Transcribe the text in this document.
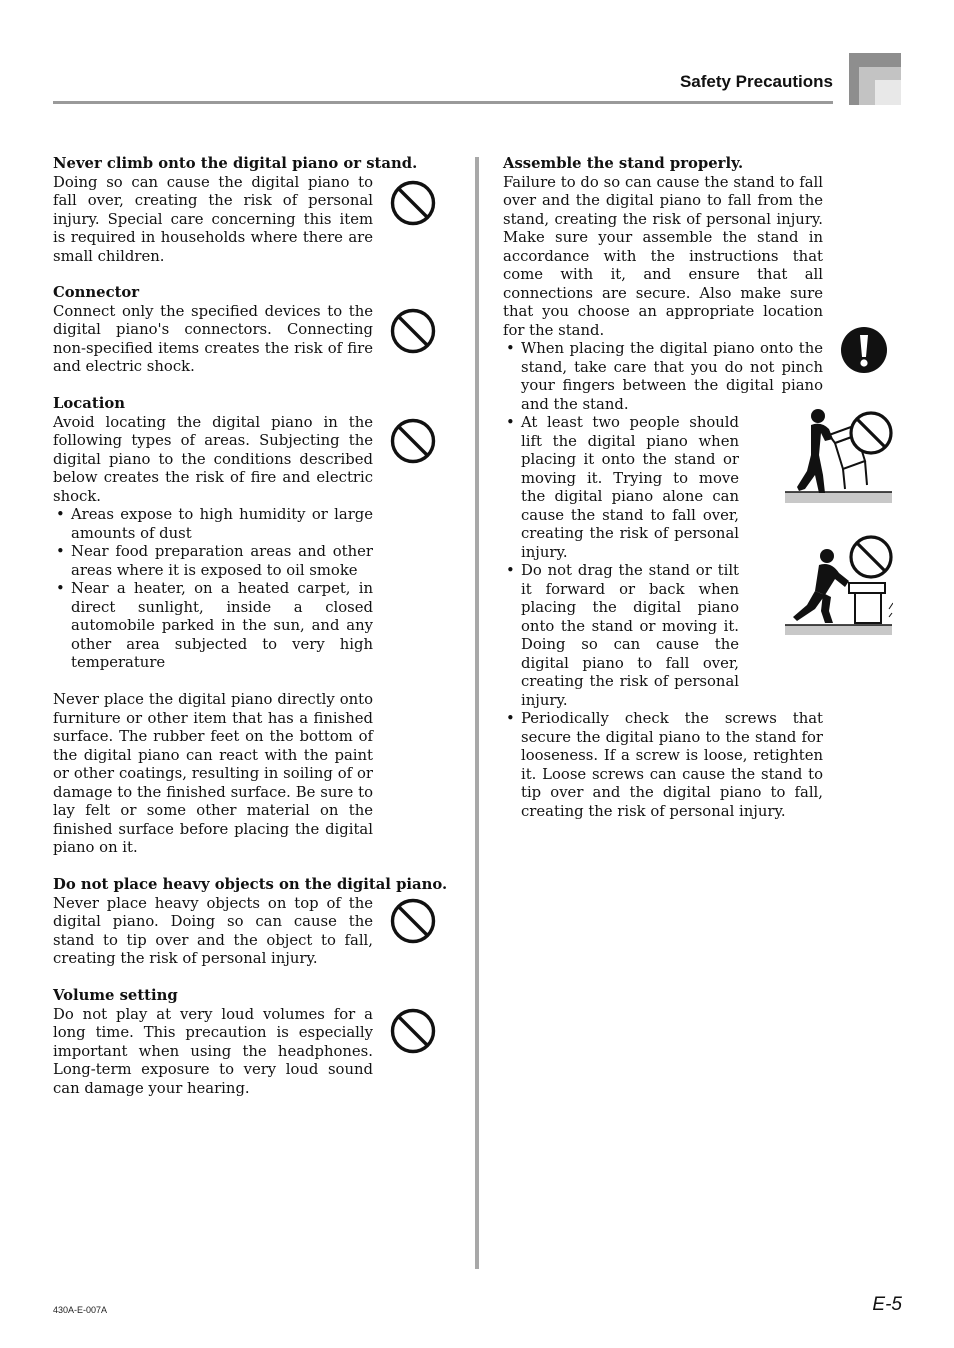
Safety Precautions
Never climb onto the digital piano or stand.

Doing so can cause the digital piano to fall over, creating the risk of personal injury. Special care concerning this item is required in households where there are small children.

Connector

Connect only the specified devices to the digital piano's connectors. Connecting non-specified items creates the risk of fire and electric shock.

Location

Avoid locating the digital piano in the following types of areas. Subjecting the digital piano to the conditions described below creates the risk of fire and electric shock.

• Areas expose to high humidity or large amounts of dust
• Near food preparation areas and other areas where it is exposed to oil smoke
• Near a heater, on a heated carpet, in direct sunlight, inside a closed automobile parked in the sun, and any other area subjected to very high temperature

Never place the digital piano directly onto furniture or other item that has a finished surface. The rubber feet on the bottom of the digital piano can react with the paint or other coatings, resulting in soiling of or damage to the finished surface. Be sure to lay felt or some other material on the finished surface before placing the digital piano on it.

Do not place heavy objects on the digital piano.

Never place heavy objects on top of the digital piano. Doing so can cause the stand to tip over and the object to fall, creating the risk of personal injury.

Volume setting

Do not play at very loud volumes for a long time. This precaution is especially important when using the headphones. Long-term exposure to very loud sound can damage your hearing.

Assemble the stand properly.

Failure to do so can cause the stand to fall over and the digital piano to fall from the stand, creating the risk of personal injury. Make sure your assemble the stand in accordance with the instructions that come with it, and ensure that all connections are secure. Also make sure that you choose an appropriate location for the stand.

• When placing the digital piano onto the stand, take care that you do not pinch your fingers between the digital piano and the stand.
• At least two people should lift the digital piano when placing it onto the stand or moving it. Trying to move the digital piano alone can cause the stand to fall over, creating the risk of personal injury.
• Do not drag the stand or tilt it forward or back when placing the digital piano onto the stand or moving it. Doing so can cause the digital piano to fall over, creating the risk of personal injury.
• Periodically check the screws that secure the digital piano to the stand for looseness. If a screw is loose, retighten it. Loose screws can cause the stand to tip over and the digital piano to fall, creating the risk of personal injury.
430A-E-007A	E-5
